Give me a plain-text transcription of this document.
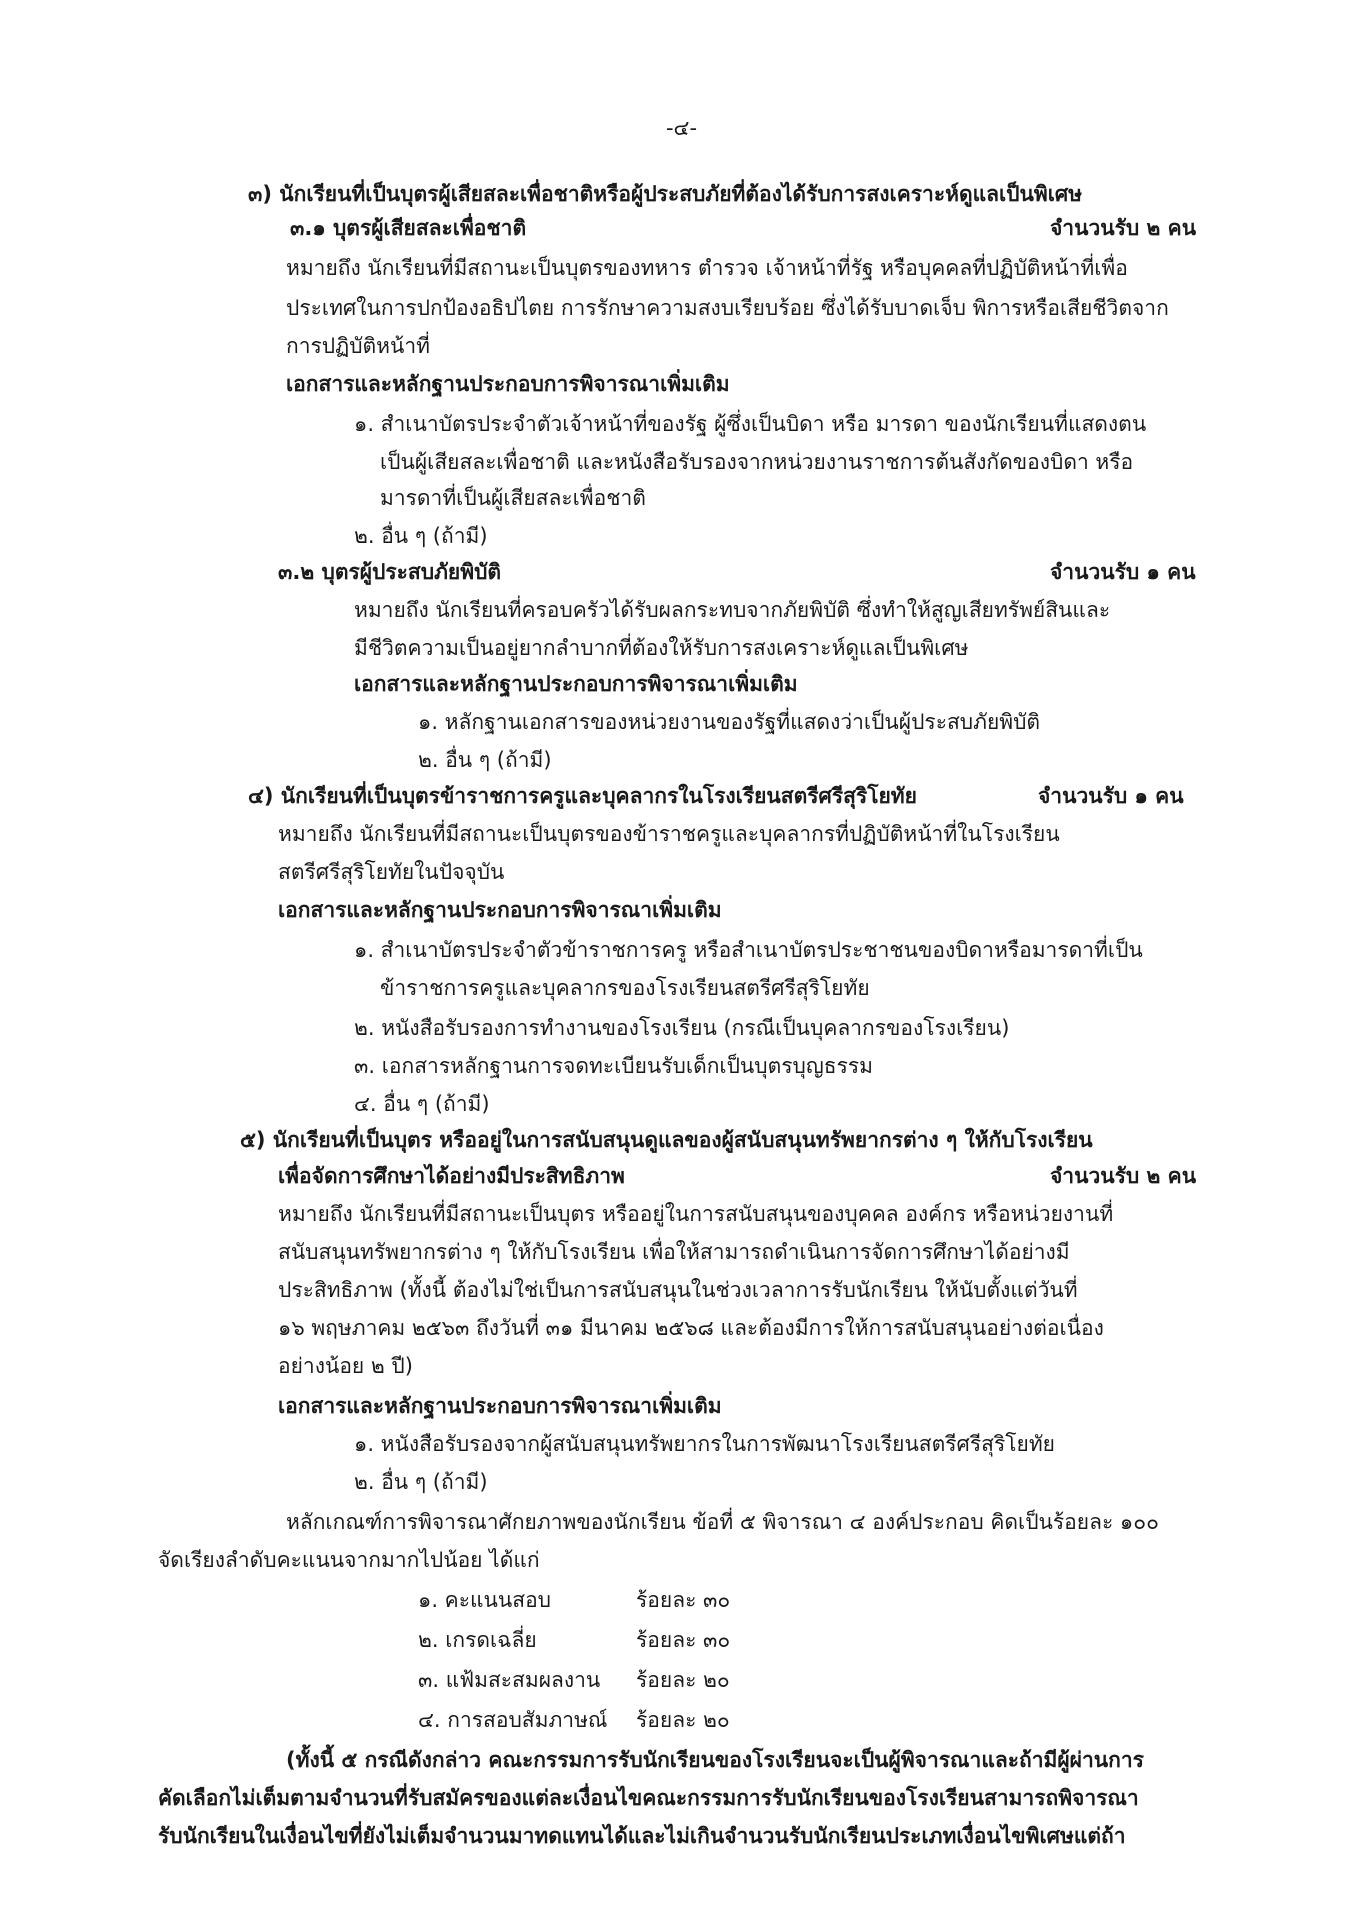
-๔-
๓) นักเรียนที่เป็นบุตรผู้เสียสละเพื่อชาติหรือผู้ประสบภัยที่ต้องได้รับการสงเคราะห์ดูแลเป็นพิเศษ
๓.๑ บุตรผู้เสียสละเพื่อชาติ	จำนวนรับ ๒ คน
หมายถึง นักเรียนที่มีสถานะเป็นบุตรของทหาร ตำรวจ เจ้าหน้าที่รัฐ หรือบุคคลที่ปฏิบัติหน้าที่เพื่อ
ประเทศในการปกป้องอธิปไตย การรักษาความสงบเรียบร้อย ซึ่งได้รับบาดเจ็บ พิการหรือเสียชีวิตจาก
การปฏิบัติหน้าที่
เอกสารและหลักฐานประกอบการพิจารณาเพิ่มเติม
๑. สำเนาบัตรประจำตัวเจ้าหน้าที่ของรัฐ ผู้ซึ่งเป็นบิดา หรือ มารดา ของนักเรียนที่แสดงตน
เป็นผู้เสียสละเพื่อชาติ และหนังสือรับรองจากหน่วยงานราชการต้นสังกัดของบิดา หรือ
มารดาที่เป็นผู้เสียสละเพื่อชาติ
๒. อื่น ๆ (ถ้ามี)
๓.๒ บุตรผู้ประสบภัยพิบัติ	จำนวนรับ ๑ คน
หมายถึง นักเรียนที่ครอบครัวได้รับผลกระทบจากภัยพิบัติ ซึ่งทำให้สูญเสียทรัพย์สินและ
มีชีวิตความเป็นอยู่ยากลำบากที่ต้องให้รับการสงเคราะห์ดูแลเป็นพิเศษ
เอกสารและหลักฐานประกอบการพิจารณาเพิ่มเติม
๑. หลักฐานเอกสารของหน่วยงานของรัฐที่แสดงว่าเป็นผู้ประสบภัยพิบัติ
๒. อื่น ๆ (ถ้ามี)
๔) นักเรียนที่เป็นบุตรข้าราชการครูและบุคลากรในโรงเรียนสตรีศรีสุริโยทัย	จำนวนรับ ๑ คน
หมายถึง นักเรียนที่มีสถานะเป็นบุตรของข้าราชครูและบุคลากรที่ปฏิบัติหน้าที่ในโรงเรียน
สตรีศรีสุริโยทัยในปัจจุบัน
เอกสารและหลักฐานประกอบการพิจารณาเพิ่มเติม
๑. สำเนาบัตรประจำตัวข้าราชการครู หรือสำเนาบัตรประชาชนของบิดาหรือมารดาที่เป็น
ข้าราชการครูและบุคลากรของโรงเรียนสตรีศรีสุริโยทัย
๒. หนังสือรับรองการทำงานของโรงเรียน (กรณีเป็นบุคลากรของโรงเรียน)
๓. เอกสารหลักฐานการจดทะเบียนรับเด็กเป็นบุตรบุญธรรม
๔. อื่น ๆ (ถ้ามี)
๕) นักเรียนที่เป็นบุตร หรืออยู่ในการสนับสนุนดูแลของผู้สนับสนุนทรัพยากรต่าง ๆ ให้กับโรงเรียน
เพื่อจัดการศึกษาได้อย่างมีประสิทธิภาพ	จำนวนรับ ๒ คน
หมายถึง นักเรียนที่มีสถานะเป็นบุตร หรืออยู่ในการสนับสนุนของบุคคล องค์กร หรือหน่วยงานที่
สนับสนุนทรัพยากรต่าง ๆ ให้กับโรงเรียน เพื่อให้สามารถดำเนินการจัดการศึกษาได้อย่างมี
ประสิทธิภาพ (ทั้งนี้ ต้องไม่ใช่เป็นการสนับสนุนในช่วงเวลาการรับนักเรียน ให้นับตั้งแต่วันที่
๑๖ พฤษภาคม ๒๕๖๓ ถึงวันที่ ๓๑ มีนาคม ๒๕๖๘ และต้องมีการให้การสนับสนุนอย่างต่อเนื่อง
อย่างน้อย ๒ ปี)
เอกสารและหลักฐานประกอบการพิจารณาเพิ่มเติม
๑. หนังสือรับรองจากผู้สนับสนุนทรัพยากรในการพัฒนาโรงเรียนสตรีศรีสุริโยทัย
๒. อื่น ๆ (ถ้ามี)
หลักเกณฑ์การพิจารณาศักยภาพของนักเรียน ข้อที่ ๕ พิจารณา ๔ องค์ประกอบ คิดเป็นร้อยละ ๑๐๐
จัดเรียงลำดับคะแนนจากมากไปน้อย ได้แก่
๑. คะแนนสอบ	ร้อยละ ๓๐
๒. เกรดเฉลี่ย	ร้อยละ ๓๐
๓. แฟ้มสะสมผลงาน ร้อยละ ๒๐
๔. การสอบสัมภาษณ์ ร้อยละ ๒๐
(ทั้งนี้ ๕ กรณีดังกล่าว คณะกรรมการรับนักเรียนของโรงเรียนจะเป็นผู้พิจารณาและถ้ามีผู้ผ่านการ
คัดเลือกไม่เต็มตามจำนวนที่รับสมัครของแต่ละเงื่อนไขคณะกรรมการรับนักเรียนของโรงเรียนสามารถพิจารณา
รับนักเรียนในเงื่อนไขที่ยังไม่เต็มจำนวนมาทดแทนได้และไม่เกินจำนวนรับนักเรียนประเภทเงื่อนไขพิเศษแต่ถ้า
